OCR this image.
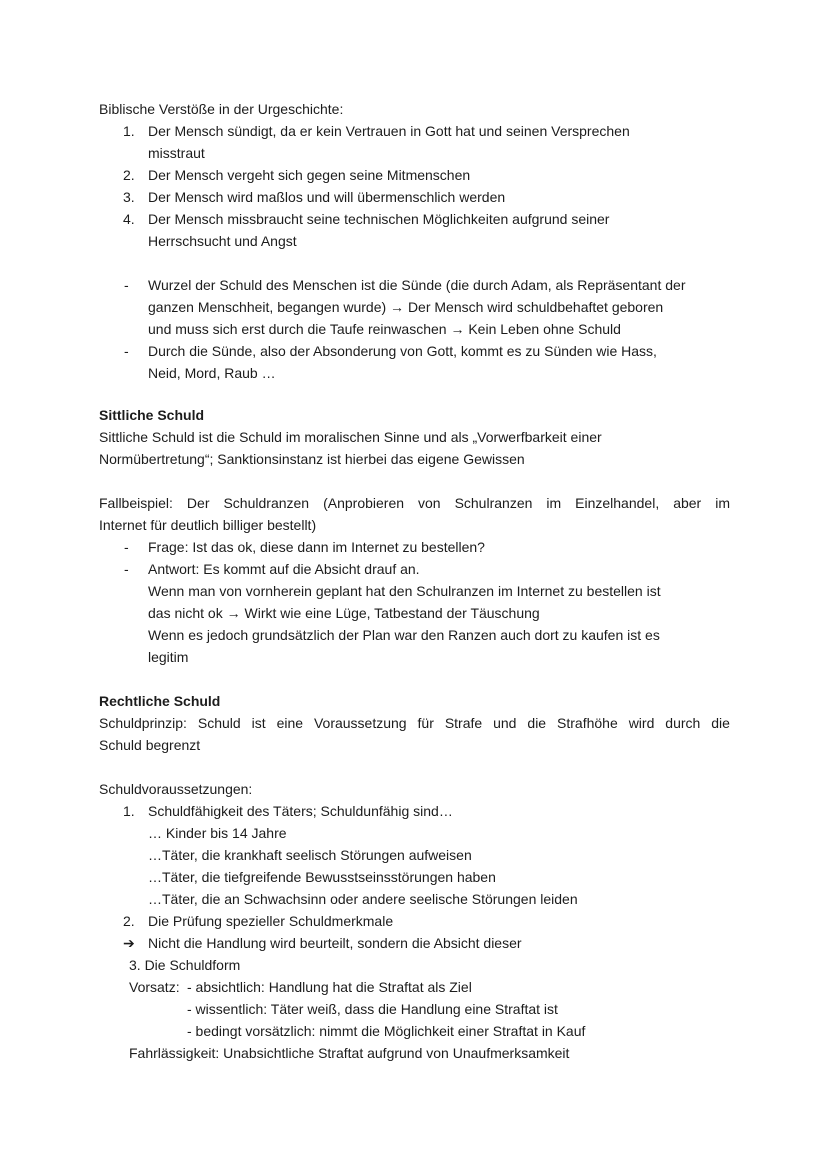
Biblische Verstöße in der Urgeschichte:
1. Der Mensch sündigt, da er kein Vertrauen in Gott hat und seinen Versprechen
misstraut
2. Der Mensch vergeht sich gegen seine Mitmenschen
3. Der Mensch wird maßlos und will übermenschlich werden
4. Der Mensch missbraucht seine technischen Möglichkeiten aufgrund seiner
Herrschsucht und Angst
- Wurzel der Schuld des Menschen ist die Sünde (die durch Adam, als Repräsentant der
ganzen Menschheit, begangen wurde) → Der Mensch wird schuldbehaftet geboren
und muss sich erst durch die Taufe reinwaschen → Kein Leben ohne Schuld
- Durch die Sünde, also der Absonderung von Gott, kommt es zu Sünden wie Hass,
Neid, Mord, Raub …
Sittliche Schuld
Sittliche Schuld ist die Schuld im moralischen Sinne und als „Vorwerfbarkeit einer
Normübertretung“; Sanktionsinstanz ist hierbei das eigene Gewissen
Fallbeispiel: Der Schuldranzen (Anprobieren von Schulranzen im Einzelhandel, aber im
Internet für deutlich billiger bestellt)
- Frage: Ist das ok, diese dann im Internet zu bestellen?
- Antwort: Es kommt auf die Absicht drauf an.
Wenn man von vornherein geplant hat den Schulranzen im Internet zu bestellen ist
das nicht ok → Wirkt wie eine Lüge, Tatbestand der Täuschung
Wenn es jedoch grundsätzlich der Plan war den Ranzen auch dort zu kaufen ist es
legitim
Rechtliche Schuld
Schuldprinzip: Schuld ist eine Voraussetzung für Strafe und die Strafhöhe wird durch die
Schuld begrenzt
Schuldvoraussetzungen:
1. Schuldfähigkeit des Täters; Schuldunfähig sind…
… Kinder bis 14 Jahre
…Täter, die krankhaft seelisch Störungen aufweisen
…Täter, die tiefgreifende Bewusstseinsstörungen haben
…Täter, die an Schwachsinn oder andere seelische Störungen leiden
2. Die Prüfung spezieller Schuldmerkmale
➔ Nicht die Handlung wird beurteilt, sondern die Absicht dieser
3. Die Schuldform
Vorsatz: - absichtlich: Handlung hat die Straftat als Ziel
- wissentlich: Täter weiß, dass die Handlung eine Straftat ist
- bedingt vorsätzlich: nimmt die Möglichkeit einer Straftat in Kauf
Fahrlässigkeit: Unabsichtliche Straftat aufgrund von Unaufmerksamkeit
